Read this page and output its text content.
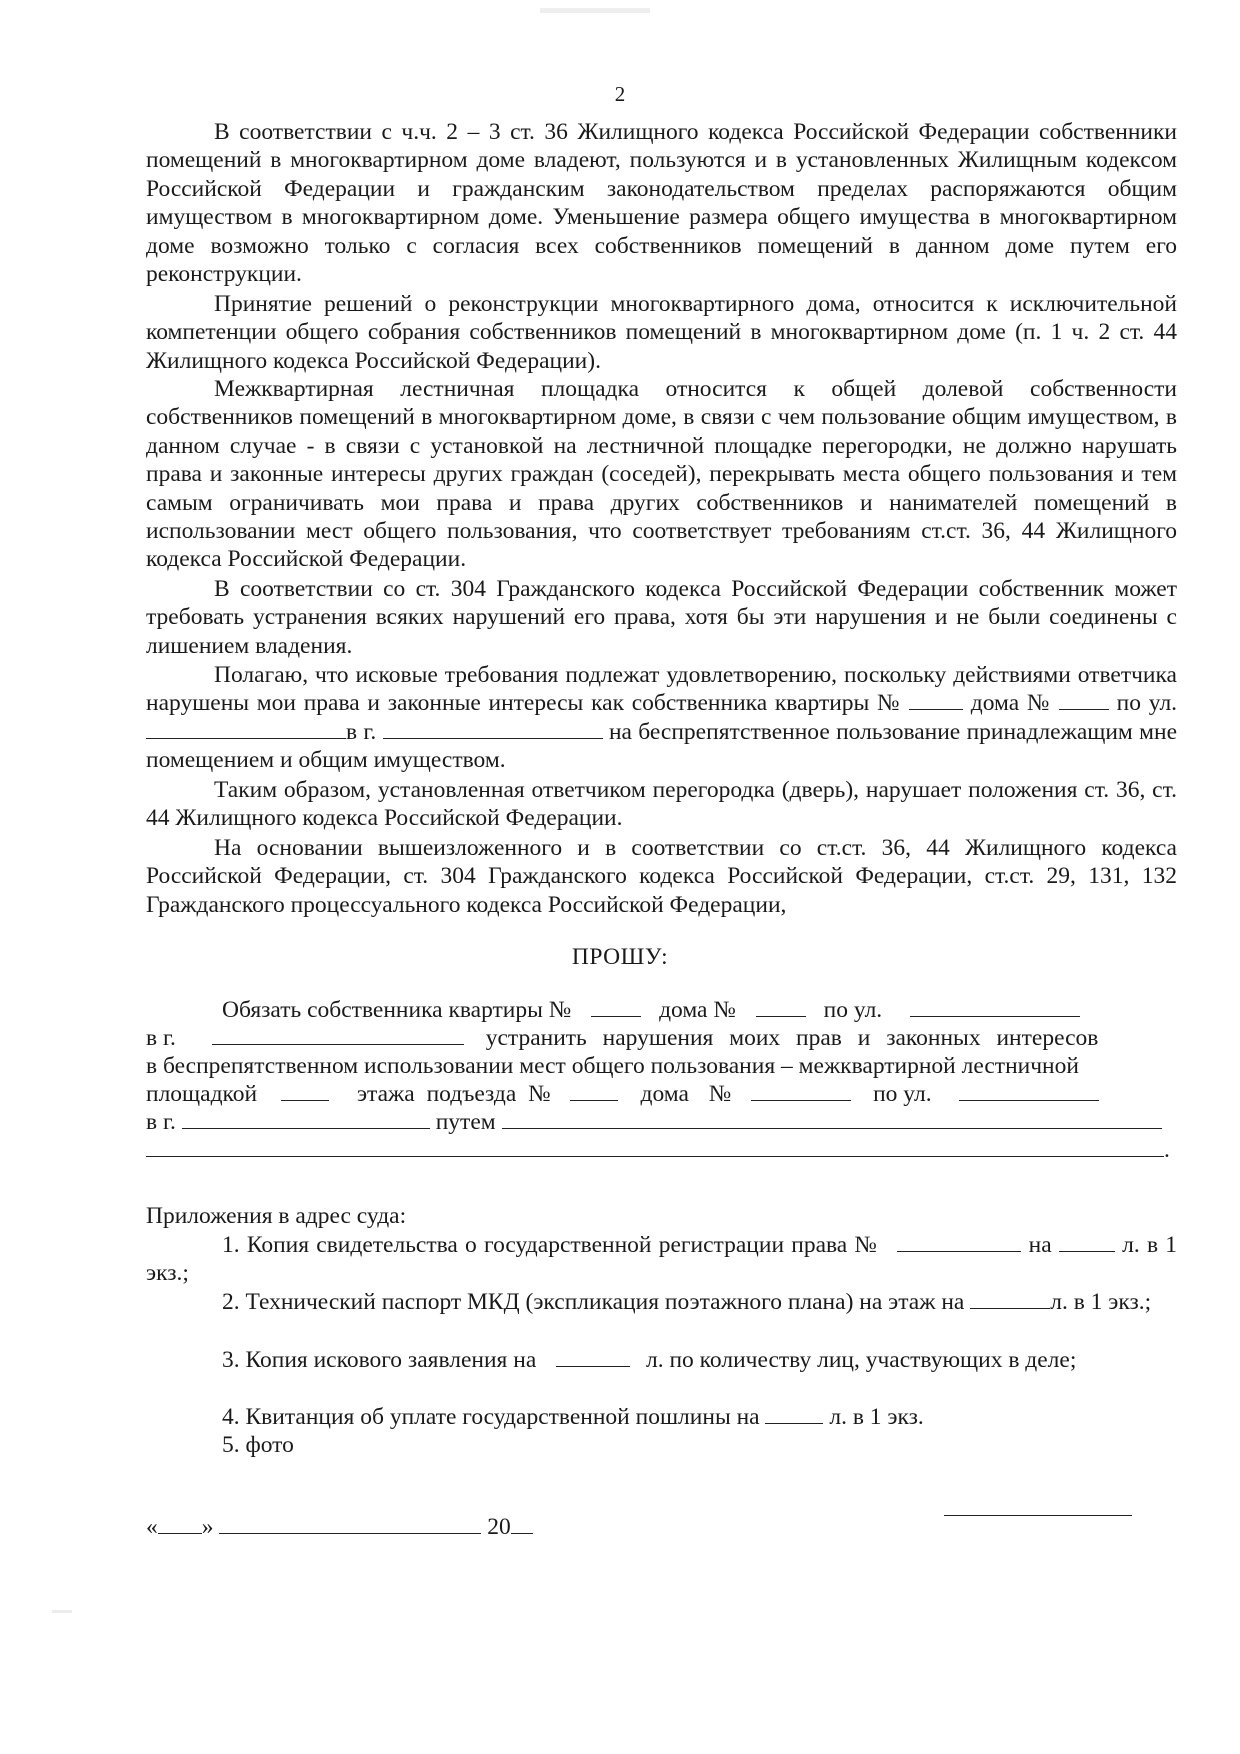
2
В соответствии с ч.ч. 2 – 3 ст. 36 Жилищного кодекса Российской Федерации собственники помещений в многоквартирном доме владеют, пользуются и в установленных Жилищным кодексом Российской Федерации и гражданским законодательством пределах распоряжаются общим имуществом в многоквартирном доме. Уменьшение размера общего имущества в многоквартирном доме возможно только с согласия всех собственников помещений в данном доме путем его реконструкции.
Принятие решений о реконструкции многоквартирного дома, относится к исключительной компетенции общего собрания собственников помещений в многоквартирном доме (п. 1 ч. 2 ст. 44 Жилищного кодекса Российской Федерации).
Межквартирная лестничная площадка относится к общей долевой собственности собственников помещений в многоквартирном доме, в связи с чем пользование общим имуществом, в данном случае - в связи с установкой на лестничной площадке перегородки, не должно нарушать права и законные интересы других граждан (соседей), перекрывать места общего пользования и тем самым ограничивать мои права и права других собственников и нанимателей помещений в использовании мест общего пользования, что соответствует требованиям ст.ст. 36, 44 Жилищного кодекса Российской Федерации.
В соответствии со ст. 304 Гражданского кодекса Российской Федерации собственник может требовать устранения всяких нарушений его права, хотя бы эти нарушения и не были соединены с лишением владения.
Полагаю, что исковые требования подлежат удовлетворению, поскольку действиями ответчика нарушены мои права и законные интересы как собственника квартиры №	дома №	по ул. в г.	на беспрепятственное пользование принадлежащим мне помещением и общим имуществом.
Таким образом, установленная ответчиком перегородка (дверь), нарушает положения ст. 36, ст. 44 Жилищного кодекса Российской Федерации.
На основании вышеизложенного и в соответствии со ст.ст. 36, 44 Жилищного кодекса Российской Федерации, ст. 304 Гражданского кодекса Российской Федерации, ст.ст. 29, 131, 132 Гражданского процессуального кодекса Российской Федерации,
ПРОШУ:
Обязать собственника квартиры №	дома №	по ул.
в г.	устранить нарушения моих прав и законных интересов
в беспрепятственном использовании мест общего пользования – межквартирной лестничной
площадкой	этажа подъезда №	дома №	по ул.
в г.	путем
.
Приложения в адрес суда:
1. Копия свидетельства о государственной регистрации права №	на	л. в 1 экз.;
2. Технический паспорт МКД (экспликация поэтажного плана) на этаж на	л. в 1 экз.;
3. Копия искового заявления на	л. по количеству лиц, участвующих в деле;
4. Квитанция об уплате государственной пошлины на	л. в 1 экз.
5. фото
« »	20
